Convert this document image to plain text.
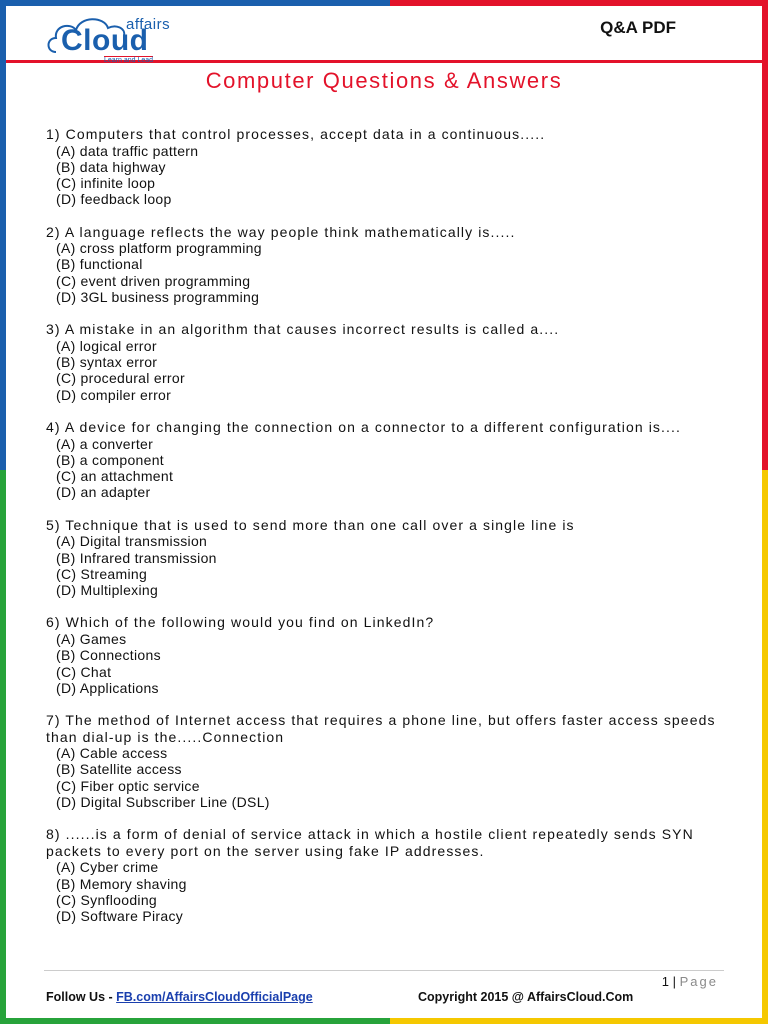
affairs
Cloud
Learn and Lead
Q&A PDF
Computer Questions & Answers
1) Computers that control processes, accept data in a continuous.....
(A) data traffic pattern
(B) data highway
(C) infinite loop
(D) feedback loop
2) A language reflects the way people think mathematically is.....
(A) cross platform programming
(B) functional
(C) event driven programming
(D) 3GL business programming
3) A mistake in an algorithm that causes incorrect results is called a....
(A) logical error
(B) syntax error
(C) procedural error
(D) compiler error
4) A device for changing the connection on a connector to a different configuration is....
(A) a converter
(B) a component
(C) an attachment
(D) an adapter
5) Technique that is used to send more than one call over a single line is
(A) Digital transmission
(B) Infrared transmission
(C) Streaming
(D) Multiplexing
6) Which of the following would you find on LinkedIn?
(A) Games
(B) Connections
(C) Chat
(D) Applications
7) The method of Internet access that requires a phone line, but offers faster access speeds than dial-up is the.....Connection
(A) Cable access
(B) Satellite access
(C) Fiber optic service
(D) Digital Subscriber Line (DSL)
8) ......is a form of denial of service attack in which a hostile client repeatedly sends SYN packets to every port on the server using fake IP addresses.
(A) Cyber crime
(B) Memory shaving
(C) Synflooding
(D) Software Piracy
1 | Page
Follow Us - FB.com/AffairsCloudOfficialPage	Copyright 2015 @ AffairsCloud.Com
